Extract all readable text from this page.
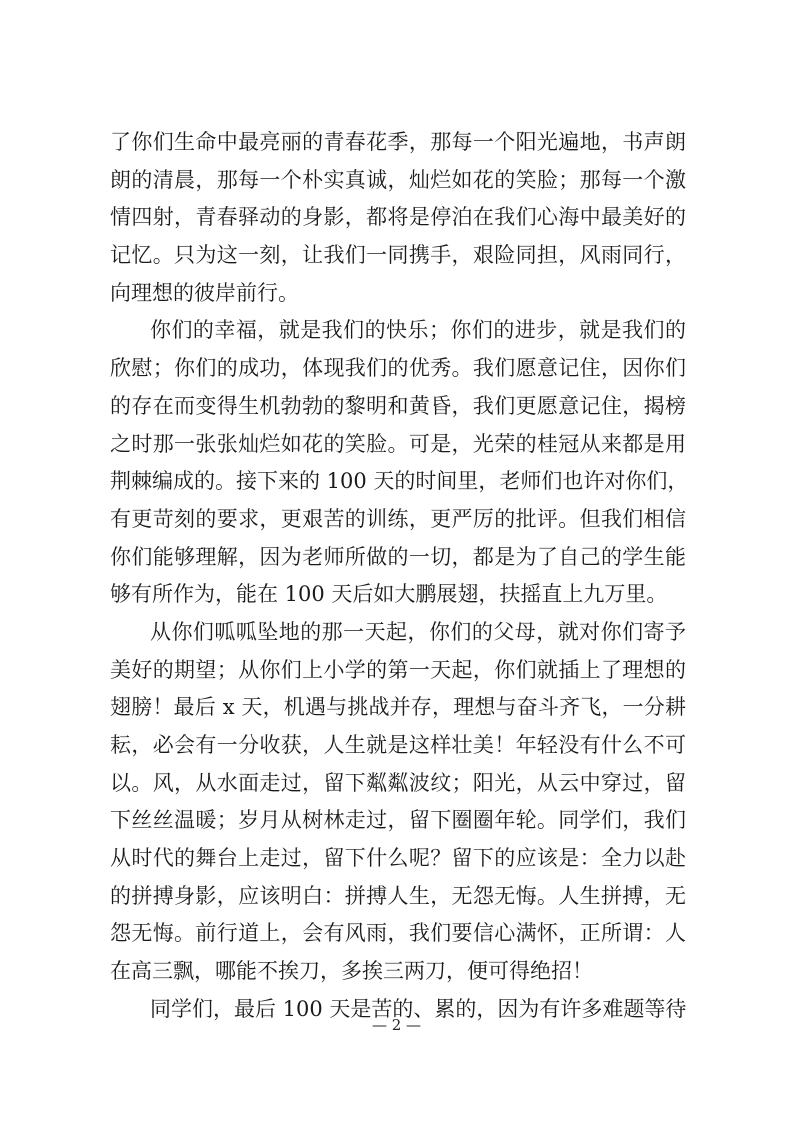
了你们生命中最亮丽的青春花季，那每一个阳光遍地，书声朗
朗的清晨，那每一个朴实真诚，灿烂如花的笑脸；那每一个激
情四射，青春驿动的身影，都将是停泊在我们心海中最美好的
记忆。只为这一刻，让我们一同携手，艰险同担，风雨同行，
向理想的彼岸前行。
你们的幸福，就是我们的快乐；你们的进步，就是我们的
欣慰；你们的成功，体现我们的优秀。我们愿意记住，因你们
的存在而变得生机勃勃的黎明和黄昏，我们更愿意记住，揭榜
之时那一张张灿烂如花的笑脸。可是，光荣的桂冠从来都是用
荆棘编成的。接下来的 100 天的时间里，老师们也许对你们，
有更苛刻的要求，更艰苦的训练，更严厉的批评。但我们相信
你们能够理解，因为老师所做的一切，都是为了自己的学生能
够有所作为，能在 100 天后如大鹏展翅，扶摇直上九万里。
从你们呱呱坠地的那一天起，你们的父母，就对你们寄予
美好的期望；从你们上小学的第一天起，你们就插上了理想的
翅膀！最后 x 天，机遇与挑战并存，理想与奋斗齐飞，一分耕
耘，必会有一分收获，人生就是这样壮美！年轻没有什么不可
以。风，从水面走过，留下粼粼波纹；阳光，从云中穿过，留
下丝丝温暖；岁月从树林走过，留下圈圈年轮。同学们，我们
从时代的舞台上走过，留下什么呢？留下的应该是：全力以赴
的拼搏身影，应该明白：拼搏人生，无怨无悔。人生拼搏，无
怨无悔。前行道上，会有风雨，我们要信心满怀，正所谓：人
在高三飘，哪能不挨刀，多挨三两刀，便可得绝招！
同学们，最后 100 天是苦的、累的，因为有许多难题等待
— 2 —
